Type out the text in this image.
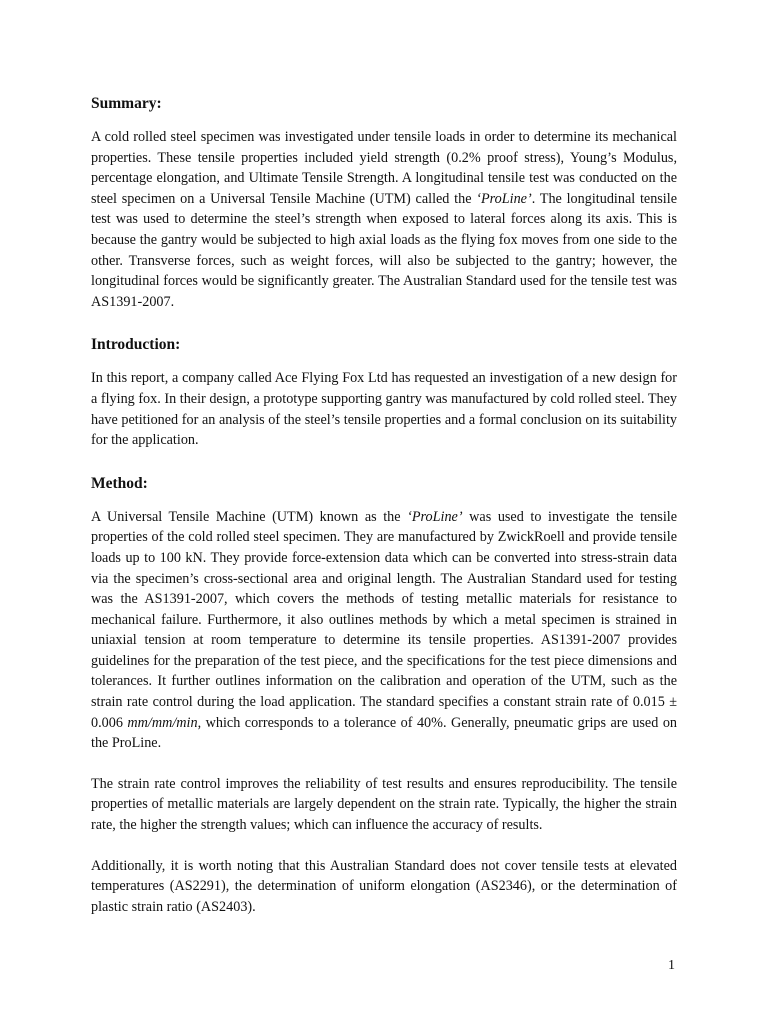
Summary:

A cold rolled steel specimen was investigated under tensile loads in order to determine its mechanical properties. These tensile properties included yield strength (0.2% proof stress), Young’s Modulus, percentage elongation, and Ultimate Tensile Strength. A longitudinal tensile test was conducted on the steel specimen on a Universal Tensile Machine (UTM) called the ‘ProLine’. The longitudinal tensile test was used to determine the steel’s strength when exposed to lateral forces along its axis. This is because the gantry would be subjected to high axial loads as the flying fox moves from one side to the other. Transverse forces, such as weight forces, will also be subjected to the gantry; however, the longitudinal forces would be significantly greater. The Australian Standard used for the tensile test was AS1391-2007.

Introduction:

In this report, a company called Ace Flying Fox Ltd has requested an investigation of a new design for a flying fox. In their design, a prototype supporting gantry was manufactured by cold rolled steel. They have petitioned for an analysis of the steel’s tensile properties and a formal conclusion on its suitability for the application.

Method:

A Universal Tensile Machine (UTM) known as the ‘ProLine’ was used to investigate the tensile properties of the cold rolled steel specimen. They are manufactured by ZwickRoell and provide tensile loads up to 100 kN. They provide force-extension data which can be converted into stress-strain data via the specimen’s cross-sectional area and original length. The Australian Standard used for testing was the AS1391-2007, which covers the methods of testing metallic materials for resistance to mechanical failure. Furthermore, it also outlines methods by which a metal specimen is strained in uniaxial tension at room temperature to determine its tensile properties. AS1391-2007 provides guidelines for the preparation of the test piece, and the specifications for the test piece dimensions and tolerances. It further outlines information on the calibration and operation of the UTM, such as the strain rate control during the load application. The standard specifies a constant strain rate of 0.015 ± 0.006 mm/mm/min, which corresponds to a tolerance of 40%. Generally, pneumatic grips are used on the ProLine.

The strain rate control improves the reliability of test results and ensures reproducibility. The tensile properties of metallic materials are largely dependent on the strain rate. Typically, the higher the strain rate, the higher the strength values; which can influence the accuracy of results.

Additionally, it is worth noting that this Australian Standard does not cover tensile tests at elevated temperatures (AS2291), the determination of uniform elongation (AS2346), or the determination of plastic strain ratio (AS2403).

1
